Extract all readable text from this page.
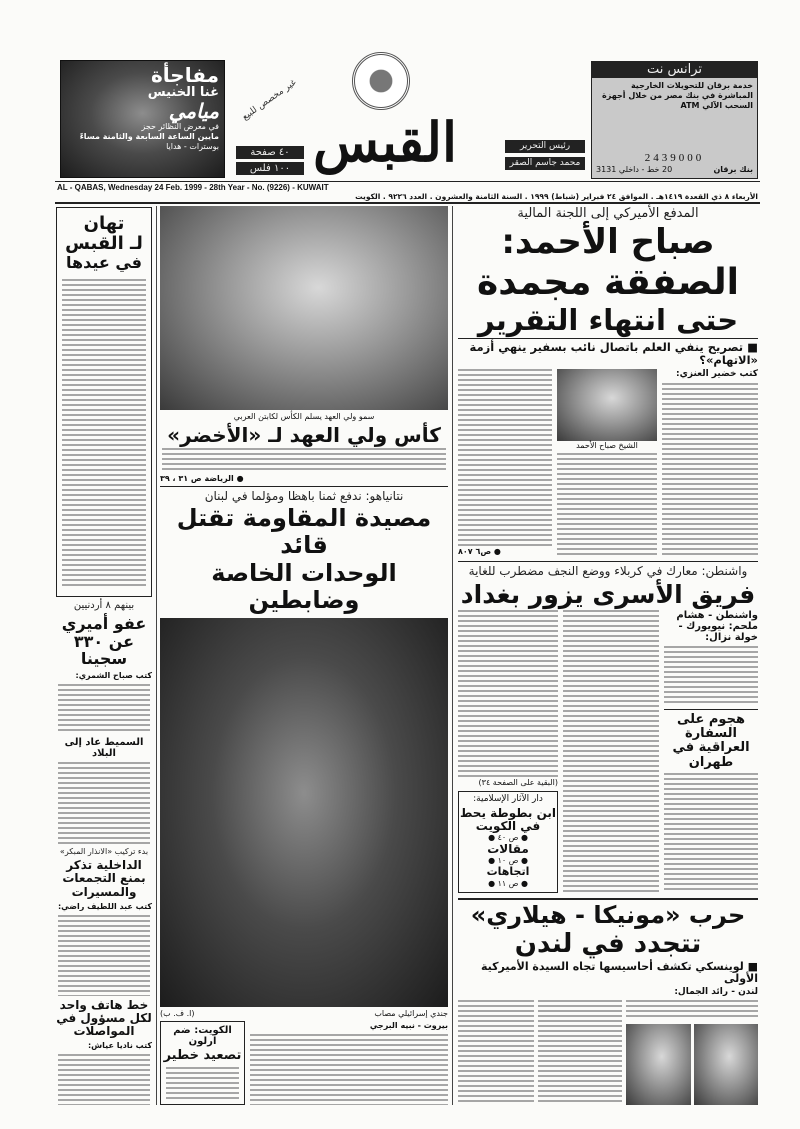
مفاجأة
غنا الخنيس
ميامي
في معرض النظائر حجز
مايين الساعة السابعة والثامنة مساءً
بوسترات - هدايا
غير مخصص للبيع
٤٠ صفحة
١٠٠ فلس القبس	رئيس التحرير
محمد جاسم الصقر
ترانس نت
خدمة برقان للتحويلات الخارجية المباشرة في بنك مصر من خلال أجهزة السحب الآلي ATM
2439000
20 خط - داخلي 3131	بنك برقان
AL - QABAS, Wednesday 24 Feb. 1999 - 28th Year - No. (9226) - KUWAIT
الأربعاء ٨ ذي القعدة ١٤١٩هـ . الموافق ٢٤ فبراير (شباط) ١٩٩٩ . السنة الثامنة والعشرون . العدد ٩٢٢٦ . الكويت
تهان
لـ القبس
في عيدها
بينهم ٨ أردنيين
عفو أميري عن ٣٣٠ سجينا
كتب صباح الشمري:
السميط عاد إلى البلاد
بدء تركيب «الانذار المبكر»
الداخلية تذكر بمنع التجمعات والمسيرات
كتب عبد اللطيف راضي:
خط هاتف واحد لكل مسؤول في المواصلات
كتب ناديا عياش:
سمو ولي العهد يسلم الكأس لكابتن العربي
كأس ولي العهد لـ «الأخضر»
● الرياضة ص ٣١ ، ٣٩
نتانياهو: ندفع ثمنا باهظا ومؤلما في لبنان
مصيدة المقاومة تقتل قائد
الوحدات الخاصة وضابطين
(ا. ف. ب)	جندي إسرائيلي مصاب
الكويت: ضم ارلون
تصعيد خطير
بيروت - نبيه البرجي
المدفع الأميركي إلى اللجنة المالية
صباح الأحمد:
الصفقة مجمدة
حتى انتهاء التقرير
■ تصريح ينفي العلم باتصال نائب بسفير ينهي أزمة «الاتهام»؟
● ص٦ ٨٠٧
الشيخ صباح الأحمد
كتب خضير العنزي:
واشنطن: معارك في كربلاء ووضع النجف مضطرب للغاية
فريق الأسرى يزور بغداد
(البقية على الصفحة ٣٤)
دار الآثار الإسلامية:
ابن بطوطة يحط في الكويت
● ص ٤٠ ●
مقالات
● ص ١٠ ●
اتجاهات
● ص ١١ ●
واشنطن - هشام ملحم: نيويورك - خولة نزال:
هجوم على السفارة العراقية في طهران
حرب «مونيكا - هيلاري»
تتجدد في لندن
■ لوينسكي تكشف أحاسيسها تجاه السيدة الأميركية الأولى
لندن - رائد الجمال:
